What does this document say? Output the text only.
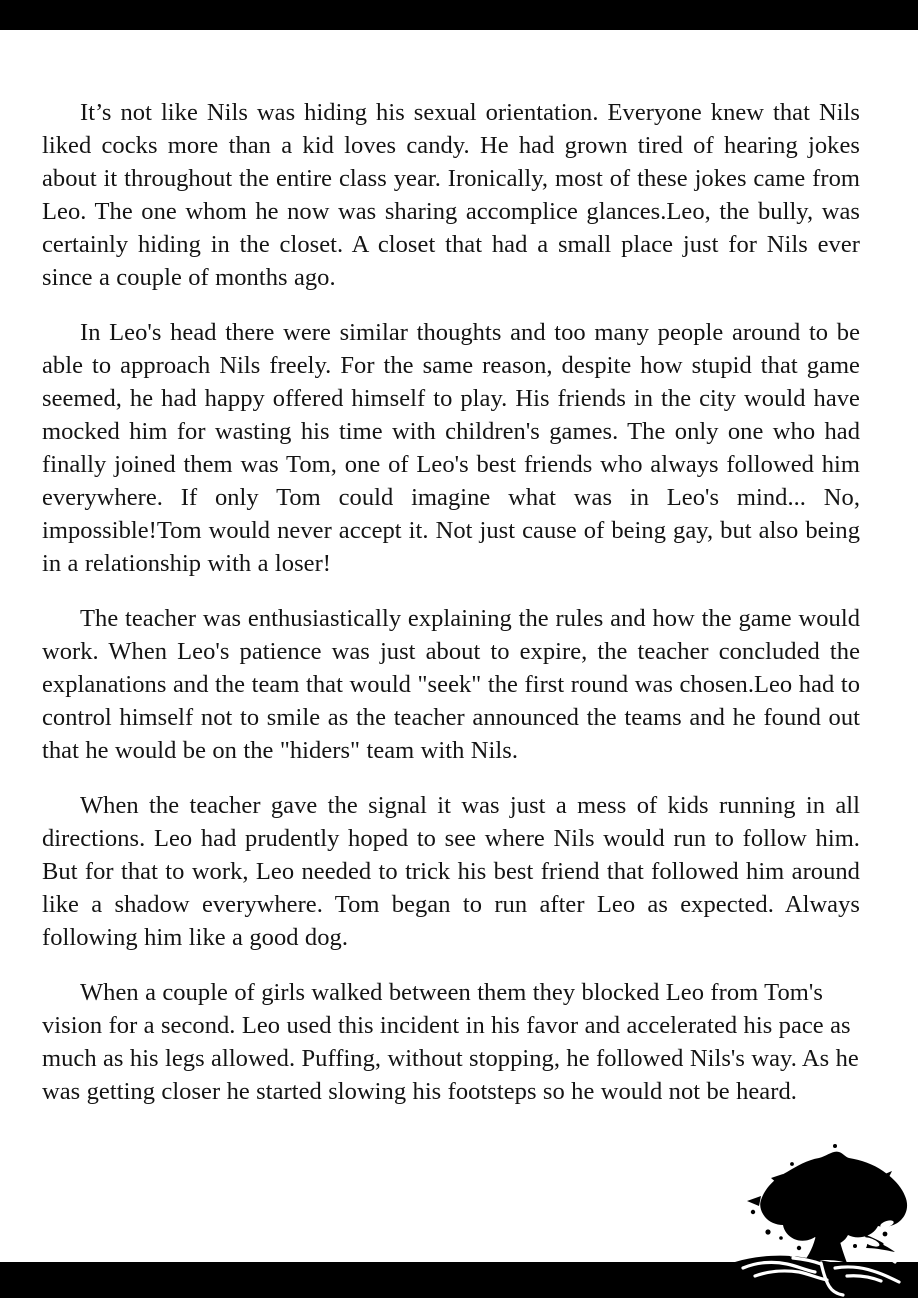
It’s not like Nils was hiding his sexual orientation. Everyone knew that Nils liked cocks more than a kid loves candy. He had grown tired of hearing jokes about it throughout the entire class year. Ironically, most of these jokes came from Leo. The one whom he now was sharing accomplice glances.Leo, the bully, was certainly hiding in the closet. A closet that had a small place just for Nils ever since a couple of months ago.

In Leo's head there were similar thoughts and too many people around to be able to approach Nils freely. For the same reason, despite how stupid that game seemed, he had happy offered himself to play. His friends in the city would have mocked him for wasting his time with children's games. The only one who had finally joined them was Tom, one of Leo's best friends who always followed him everywhere. If only Tom could imagine what was in Leo's mind... No, impossible!Tom would never accept it. Not just cause of being gay, but also being in a relationship with a loser!

The teacher was enthusiastically explaining the rules and how the game would work. When Leo's patience was just about to expire, the teacher concluded the explanations and the team that would "seek" the first round was chosen.Leo had to control himself not to smile as the teacher announced the teams and he found out that he would be on the "hiders" team with Nils.

When the teacher gave the signal it was just a mess of kids running in all directions. Leo had prudently hoped to see where Nils would run to follow him. But for that to work, Leo needed to trick his best friend that followed him around like a shadow everywhere. Tom began to run after Leo as expected. Always following him like a good dog.

When a couple of girls walked between them they blocked Leo from Tom's vision for a second. Leo used this incident in his favor and accelerated his pace as much as his legs allowed. Puffing, without stopping, he followed Nils's way. As he was getting closer he started slowing his footsteps so he would not be heard.
